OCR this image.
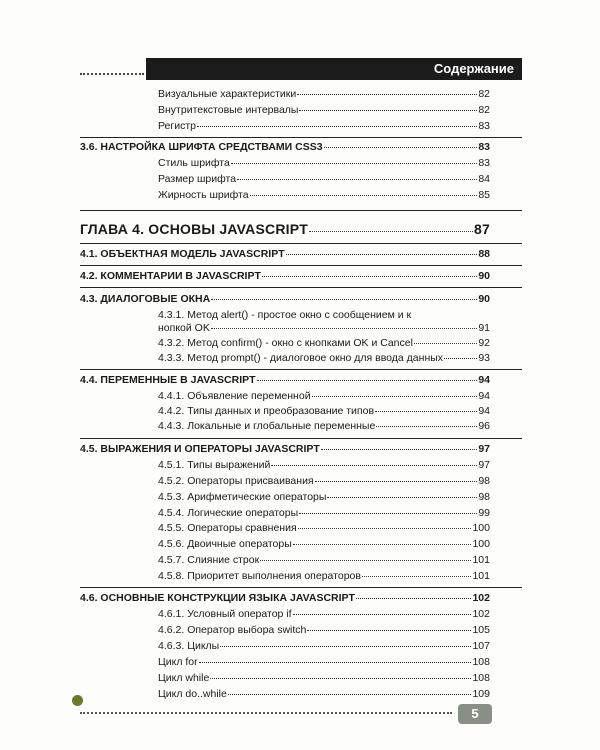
Содержание
Визуальные характеристики	82
Внутритекстовые интервалы	82
Регистр	83
3.6. НАСТРОЙКА ШРИФТА СРЕДСТВАМИ CSS3	83
Стиль шрифта	83
Размер шрифта	84
Жирность шрифта	85
ГЛАВА 4. ОСНОВЫ JAVASCRIPT	87
4.1. ОБЪЕКТНАЯ МОДЕЛЬ JAVASCRIPT	88
4.2. КОММЕНТАРИИ В JAVASCRIPT	90
4.3. ДИАЛОГОВЫЕ ОКНА	90
4.3.1. Метод alert() - простое окно с сообщением и к
нопкой OK	91
4.3.2. Метод confirm() - окно с кнопками OK и Cancel	92
4.3.3. Метод prompt() - диалоговое окно для ввода данных	93
4.4. ПЕРЕМЕННЫЕ В JAVASCRIPT	94
4.4.1. Объявление переменной	94
4.4.2. Типы данных и преобразование типов	94
4.4.3. Локальные и глобальные переменные	96
4.5. ВЫРАЖЕНИЯ И ОПЕРАТОРЫ JAVASCRIPT	97
4.5.1. Типы выражений	97
4.5.2. Операторы присваивания	98
4.5.3. Арифметические операторы	98
4.5.4. Логические операторы	99
4.5.5. Операторы сравнения	100
4.5.6. Двоичные операторы	100
4.5.7. Слияние строк	101
4.5.8. Приоритет выполнения операторов	101
4.6. ОСНОВНЫЕ КОНСТРУКЦИИ ЯЗЫКА JAVASCRIPT	102
4.6.1. Условный оператор if	102
4.6.2. Оператор выбора switch	105
4.6.3. Циклы	107
Цикл for	108
Цикл while	108
Цикл do..while	109
5
